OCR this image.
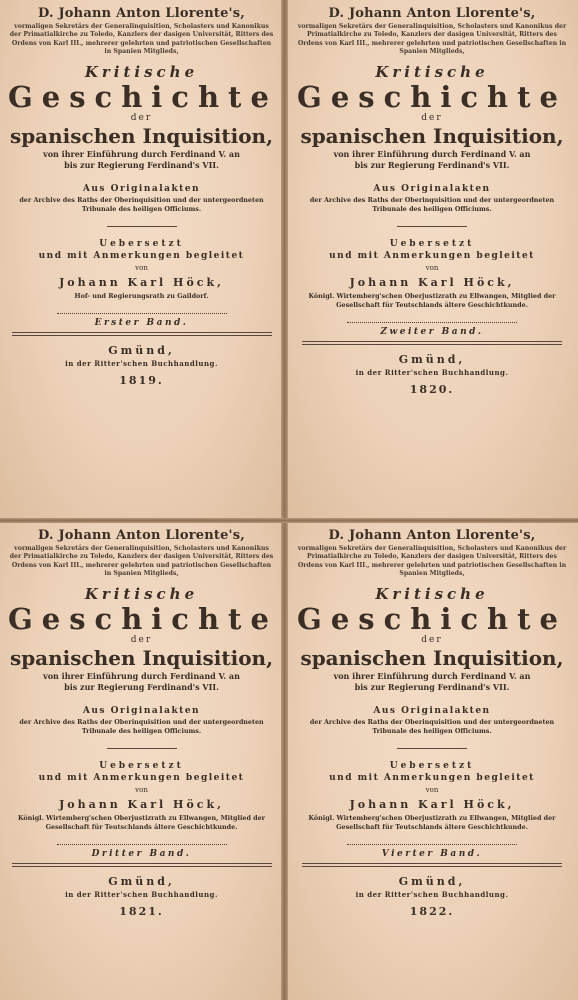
D. Johann Anton Llorente's,

vormaligen Sekretärs der Generalinquisition, Scholasters und Kanonikus der Primatialkirche zu Toledo, Kanzlers der dasigen Universität, Ritters des Ordens von Karl III., mehrerer gelehrten und patriotischen Gesellschaften in Spanien Mitglieds,

Kritische

Geschichte

der

spanischen Inquisition,

von ihrer Einführung durch Ferdinand V. an

bis zur Regierung Ferdinand's VII.

Aus Originalakten

der Archive des Raths der Oberinquisition und der untergeordneten Tribunale des heiligen Officiums.

Uebersetzt

und mit Anmerkungen begleitet

von

Johann Karl Höck,

Hof- und Regierungsrath zu Gaildorf.

Erster Band.

Gmünd,

in der Ritter'schen Buchhandlung.

1819.

D. Johann Anton Llorente's,

vormaligen Sekretärs der Generalinquisition, Scholasters und Kanonikus der Primatialkirche zu Toledo, Kanzlers der dasigen Universität, Ritters des Ordens von Karl III., mehrerer gelehrten und patriotischen Gesellschaften in Spanien Mitglieds,

Kritische

Geschichte

der

spanischen Inquisition,

von ihrer Einführung durch Ferdinand V. an

bis zur Regierung Ferdinand's VII.

Aus Originalakten

der Archive des Raths der Oberinquisition und der untergeordneten Tribunale des heiligen Officiums.

Uebersetzt

und mit Anmerkungen begleitet

von

Johann Karl Höck,

Königl. Wirtemberg'schen Oberjustizrath zu Ellwangen, Mitglied der Gesellschaft für Teutschlands ältere Geschichtkunde.

Zweiter Band.

Gmünd,

in der Ritter'schen Buchhandlung.

1820.

D. Johann Anton Llorente's,

vormaligen Sekretärs der Generalinquisition, Scholasters und Kanonikus der Primatialkirche zu Toledo, Kanzlers der dasigen Universität, Ritters des Ordens von Karl III., mehrerer gelehrten und patriotischen Gesellschaften in Spanien Mitglieds,

Kritische

Geschichte

der

spanischen Inquisition,

von ihrer Einführung durch Ferdinand V. an

bis zur Regierung Ferdinand's VII.

Aus Originalakten

der Archive des Raths der Oberinquisition und der untergeordneten Tribunale des heiligen Officiums.

Uebersetzt

und mit Anmerkungen begleitet

von

Johann Karl Höck,

Königl. Wirtemberg'schen Oberjustizrath zu Ellwangen, Mitglied der Gesellschaft für Teutschlands ältere Geschichtkunde.

Dritter Band.

Gmünd,

in der Ritter'schen Buchhandlung.

1821.

D. Johann Anton Llorente's,

vormaligen Sekretärs der Generalinquisition, Scholasters und Kanonikus der Primatialkirche zu Toledo, Kanzlers der dasigen Universität, Ritters des Ordens von Karl III., mehrerer gelehrten und patriotischen Gesellschaften in Spanien Mitglieds,

Kritische

Geschichte

der

spanischen Inquisition,

von ihrer Einführung durch Ferdinand V. an

bis zur Regierung Ferdinand's VII.

Aus Originalakten

der Archive des Raths der Oberinquisition und der untergeordneten Tribunale des heiligen Officiums.

Uebersetzt

und mit Anmerkungen begleitet

von

Johann Karl Höck,

Königl. Wirtemberg'schen Oberjustizrath zu Ellwangen, Mitglied der Gesellschaft für Teutschlands ältere Geschichtkunde.

Vierter Band.

Gmünd,

in der Ritter'schen Buchhandlung.

1822.
